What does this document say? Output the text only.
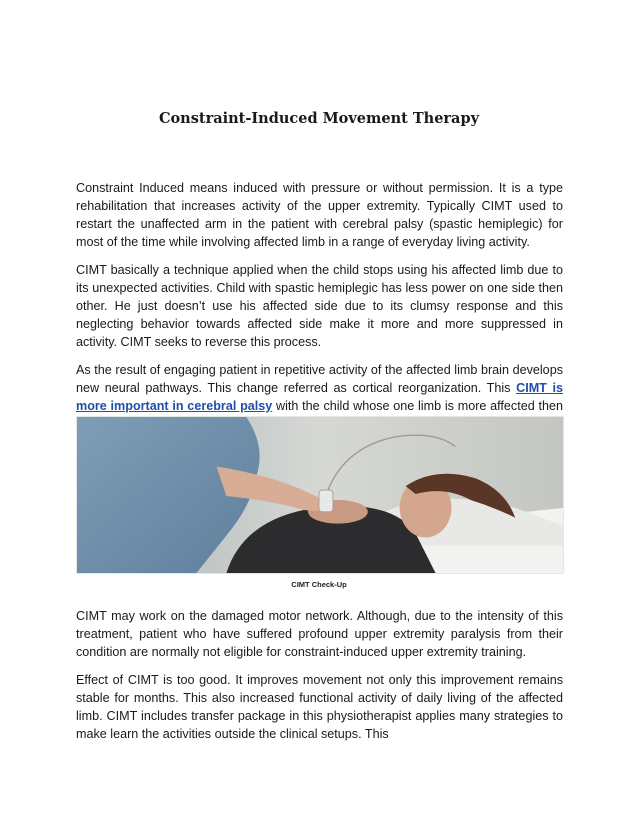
Constraint-Induced Movement Therapy

Constraint Induced means induced with pressure or without permission. It is a type rehabilitation that increases activity of the upper extremity. Typically CIMT used to restart the unaffected arm in the patient with cerebral palsy (spastic hemiplegic) for most of the time while involving affected limb in a range of everyday living activity.

CIMT basically a technique applied when the child stops using his affected limb due to its unexpected activities. Child with spastic hemiplegic has less power on one side then other. He just doesn’t use his affected side due to its clumsy response and this neglecting behavior towards affected side make it more and more suppressed in activity. CIMT seeks to reverse this process.

As the result of engaging patient in repetitive activity of the affected limb brain develops new neural pathways. This change referred as cortical reorganization. This CIMT is more important in cerebral palsy with the child whose one limb is more affected then

CIMT Check-Up

CIMT may work on the damaged motor network. Although, due to the intensity of this treatment, patient who have suffered profound upper extremity paralysis from their condition are normally not eligible for constraint-induced upper extremity training.

Effect of CIMT is too good. It improves movement not only this improvement remains stable for months. This also increased functional activity of daily living of the affected limb. CIMT includes transfer package in this physiotherapist applies many strategies to make learn the activities outside the clinical setups. This
